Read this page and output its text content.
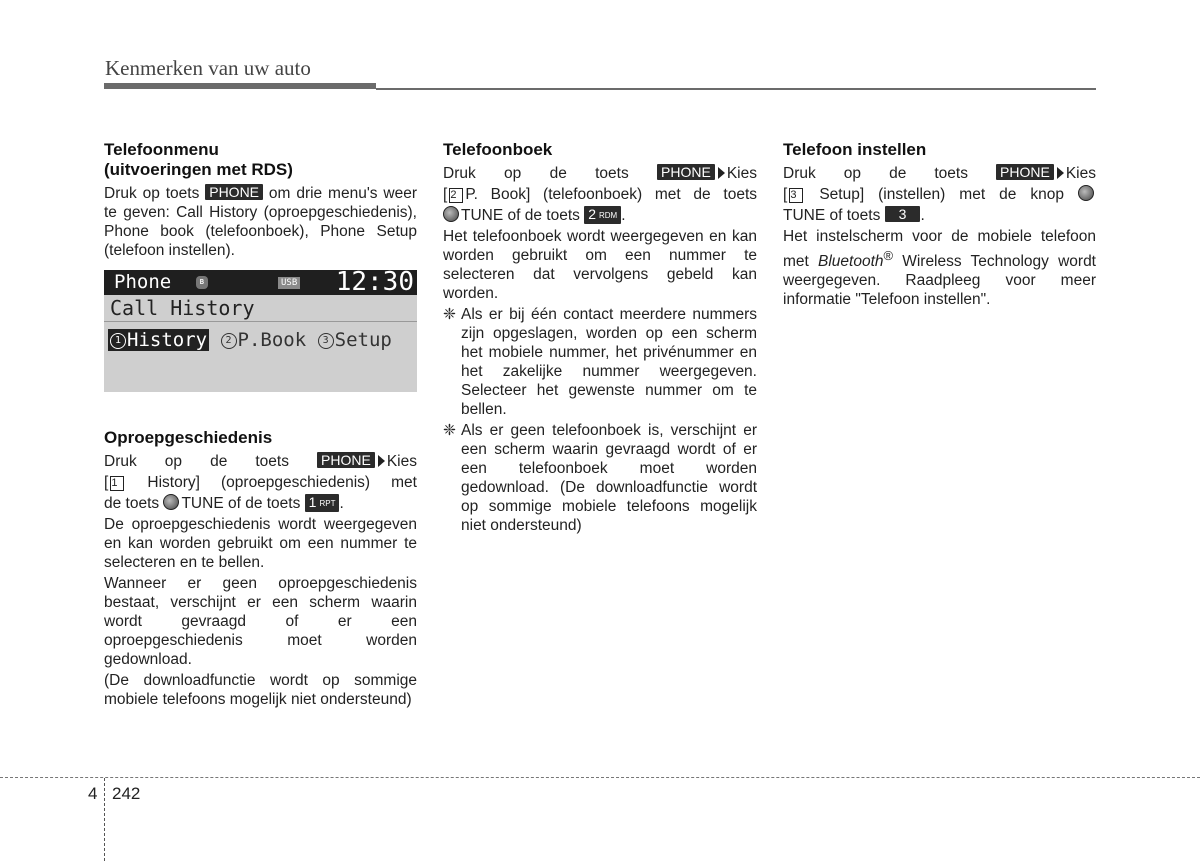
Kenmerken van uw auto
Telefoonmenu
(uitvoeringen met RDS)

Druk op toets PHONE om drie menu's weer te geven: Call History (oproepgeschiedenis), Phone book (telefoonboek), Phone Setup (telefoon instellen).

Phone	ʙ	USB 12:30
Call History
1 History 2 P.Book 3 Setup
Oproepgeschiedenis

Druk op de toets PHONE Kies

[ 1 History] (oproepgeschiedenis) met

de toets TUNE of de toets 1 RPT .

De oproepgeschiedenis wordt weergegeven en kan worden gebruikt om een nummer te selecteren en te bellen.

Wanneer er geen oproepgeschiedenis bestaat, verschijnt er een scherm waarin wordt gevraagd of er een oproepgeschiedenis moet worden gedownload.

(De downloadfunctie wordt op sommige mobiele telefoons mogelijk niet ondersteund)

Telefoonboek

Druk op de toets PHONE Kies

[ 2 P. Book] (telefoonboek) met de toets

TUNE of de toets 2 RDM .

Het telefoonboek wordt weergegeven en kan worden gebruikt om een nummer te selecteren dat vervolgens gebeld kan worden.

❈ Als er bij één contact meerdere nummers zijn opgeslagen, worden op een scherm het mobiele nummer, het privénummer en het zakelijke nummer weergegeven. Selecteer het gewenste nummer om te bellen.
❈ Als er geen telefoonboek is, verschijnt er een scherm waarin gevraagd wordt of er een telefoonboek moet worden gedownload. (De downloadfunctie wordt op sommige mobiele telefoons mogelijk niet ondersteund)
Telefoon instellen

Druk op de toets PHONE Kies

[ 3 Setup] (instellen) met de knop

TUNE of toets 3 .

Het instelscherm voor de mobiele telefoon met Bluetooth® Wireless Technology wordt weergegeven. Raadpleeg voor meer informatie "Telefoon instellen".

4 242
